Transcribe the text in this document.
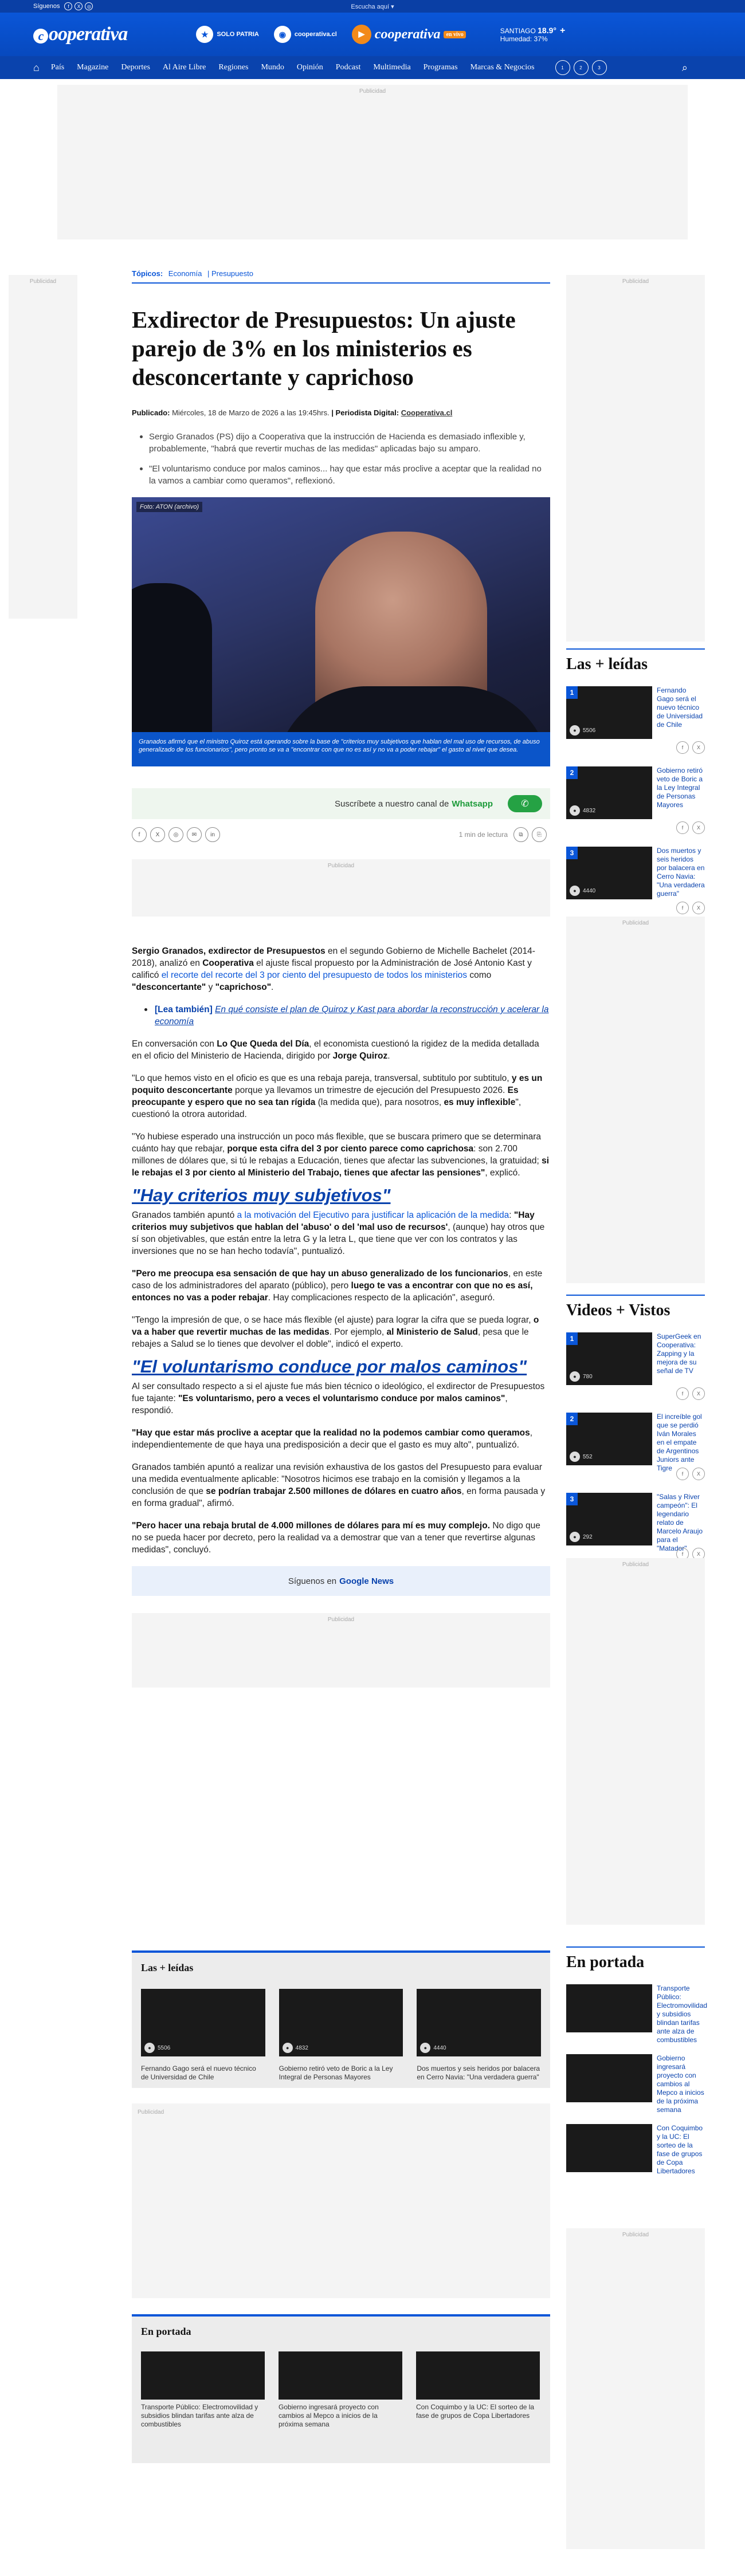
Síguenos	f	X	◎	Escucha aquí ▾
c ooperativa	★	SOLO PATRIA	◉	cooperativa.cl	▶ cooperativa	en vivo	SANTIAGO 18.9° +
Humedad: 37%
⌂ País Magazine Deportes Al Aire Libre Regiones Mundo Opinión Podcast Multimedia Programas Marcas & Negocios	1	2	3	⌕
Publicidad
Publicidad	Publicidad
Tópicos: Economía | Presupuesto
Exdirector de Presupuestos: Un ajuste parejo de 3% en los ministerios es desconcertante y caprichoso
Publicado: Miércoles, 18 de Marzo de 2026 a las 19:45hrs. | Periodista Digital: Cooperativa.cl
Sergio Granados (PS) dijo a Cooperativa que la instrucción de Hacienda es demasiado inflexible y, probablemente, "habrá que revertir muchas de las medidas" aplicadas bajo su amparo.
"El voluntarismo conduce por malos caminos... hay que estar más proclive a aceptar que la realidad no la vamos a cambiar como queramos", reflexionó.
Foto: ATON (archivo)
Granados afirmó que el ministro Quiroz está operando sobre la base de "criterios muy subjetivos que hablan del mal uso de recursos, de abuso generalizado de los funcionarios", pero pronto se va a "encontrar con que no es así y no va a poder rebajar" el gasto al nivel que desea.
Suscríbete a nuestro canal de Whatsapp	✆
f	X	◎	✉	in	1 min de lectura	⧉	⎘
Publicidad

Sergio Granados, exdirector de Presupuestos en el segundo Gobierno de Michelle Bachelet (2014-2018), analizó en Cooperativa el ajuste fiscal propuesto por la Administración de José Antonio Kast y calificó el recorte del recorte del 3 por ciento del presupuesto de todos los ministerios como "desconcertante" y "caprichoso".

[Lea también] En qué consiste el plan de Quiroz y Kast para abordar la reconstrucción y acelerar la economía

En conversación con Lo Que Queda del Día, el economista cuestionó la rigidez de la medida detallada en el oficio del Ministerio de Hacienda, dirigido por Jorge Quiroz.

"Lo que hemos visto en el oficio es que es una rebaja pareja, transversal, subtitulo por subtitulo, y es un poquito desconcertante porque ya llevamos un trimestre de ejecución del Presupuesto 2026. Es preocupante y espero que no sea tan rígida (la medida que), para nosotros, es muy inflexible", cuestionó la otrora autoridad.

"Yo hubiese esperado una instrucción un poco más flexible, que se buscara primero que se determinara cuánto hay que rebajar, porque esta cifra del 3 por ciento parece como caprichosa: son 2.700 millones de dólares que, si tú le rebajas a Educación, tienes que afectar las subvenciones, la gratuidad; si le rebajas el 3 por ciento al Ministerio del Trabajo, tienes que afectar las pensiones", explicó.

"Hay criterios muy subjetivos"

Granados también apuntó a la motivación del Ejecutivo para justificar la aplicación de la medida: "Hay criterios muy subjetivos que hablan del 'abuso' o del 'mal uso de recursos', (aunque) hay otros que sí son objetivables, que están entre la letra G y la letra L, que tiene que ver con los contratos y las inversiones que no se han hecho todavía", puntualizó.

"Pero me preocupa esa sensación de que hay un abuso generalizado de los funcionarios, en este caso de los administradores del aparato (público), pero luego te vas a encontrar con que no es así, entonces no vas a poder rebajar. Hay complicaciones respecto de la aplicación", aseguró.

"Tengo la impresión de que, o se hace más flexible (el ajuste) para lograr la cifra que se pueda lograr, o va a haber que revertir muchas de las medidas. Por ejemplo, al Ministerio de Salud, pesa que le rebajes a Salud se lo tienes que devolver el doble", indicó el experto.

"El voluntarismo conduce por malos caminos"

Al ser consultado respecto a si el ajuste fue más bien técnico o ideológico, el exdirector de Presupuestos fue tajante: "Es voluntarismo, pero a veces el voluntarismo conduce por malos caminos", respondió.

"Hay que estar más proclive a aceptar que la realidad no la podemos cambiar como queramos, independientemente de que haya una predisposición a decir que el gasto es muy alto", puntualizó.

Granados también apuntó a realizar una revisión exhaustiva de los gastos del Presupuesto para evaluar una medida eventualmente aplicable: "Nosotros hicimos ese trabajo en la comisión y llegamos a la conclusión de que se podrían trabajar 2.500 millones de dólares en cuatro años, en forma pausada y en forma gradual", afirmó.

"Pero hacer una rebaja brutal de 4.000 millones de dólares para mí es muy complejo. No digo que no se pueda hacer por decreto, pero la realidad va a demostrar que van a tener que revertirse algunas medidas", concluyó.

Síguenos en Google News
Publicidad
Las + leídas
1
●	5506
Fernando Gago será el nuevo técnico de Universidad de Chile
f	X
2
●	4832
Gobierno retiró veto de Boric a la Ley Integral de Personas Mayores
f	X
3
●	4440
Dos muertos y seis heridos por balacera en Cerro Navia: "Una verdadera guerra"
f	X
Publicidad
Videos + Vistos
1
●	780
SuperGeek en Cooperativa: Zapping y la mejora de su señal de TV
f	X
2
●	552
El increíble gol que se perdió Iván Morales en el empate de Argentinos Juniors ante Tigre
f	X
3
●	292
"Salas y River campeón": El legendario relato de Marcelo Araujo para el "Matador"
f	X
Publicidad
En portada
Transporte Público: Electromovilidad y subsidios blindan tarifas ante alza de combustibles
Gobierno ingresará proyecto con cambios al Mepco a inicios de la próxima semana
Con Coquimbo y la UC: El sorteo de la fase de grupos de Copa Libertadores
Publicidad
Las + leídas
●	5506
Fernando Gago será el nuevo técnico de Universidad de Chile
●	4832
Gobierno retiró veto de Boric a la Ley Integral de Personas Mayores
●	4440
Dos muertos y seis heridos por balacera en Cerro Navia: "Una verdadera guerra"
Publicidad
En portada
Transporte Público: Electromovilidad y subsidios blindan tarifas ante alza de combustibles
Gobierno ingresará proyecto con cambios al Mepco a inicios de la próxima semana
Con Coquimbo y la UC: El sorteo de la fase de grupos de Copa Libertadores
